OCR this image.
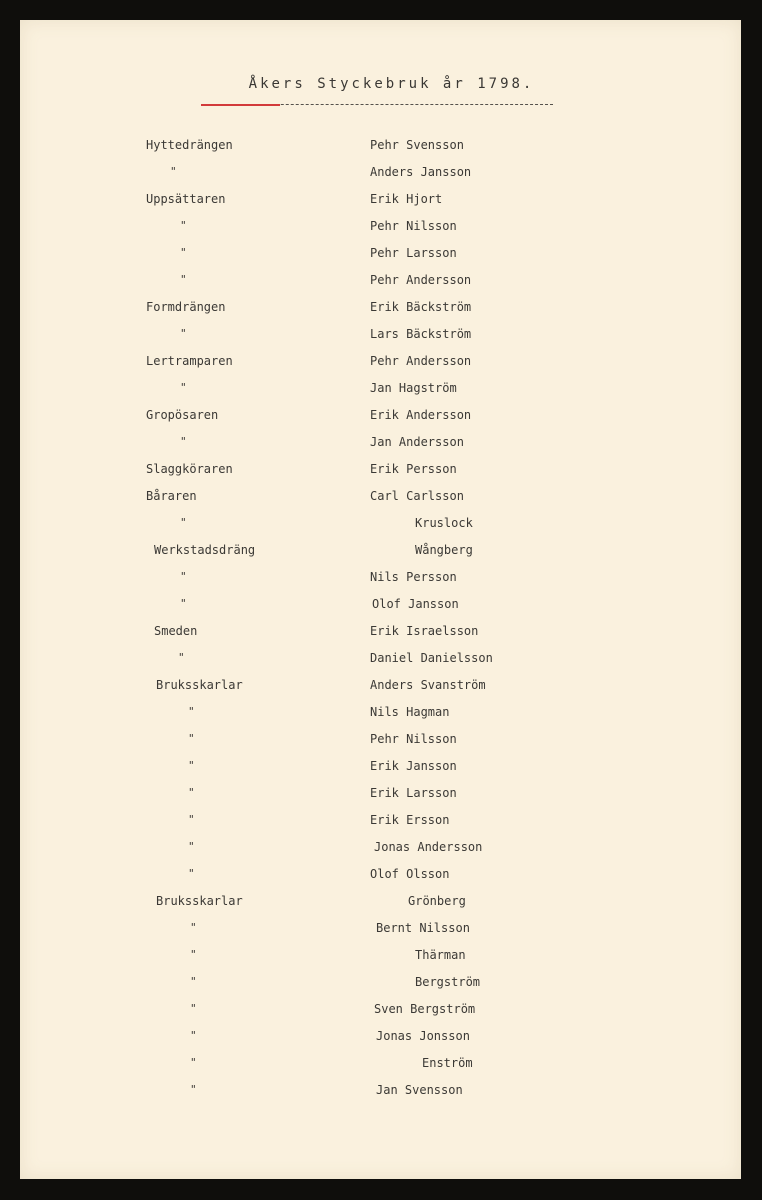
Åkers Styckebruk år 1798.
Hyttedrängen	Pehr Svensson
"	Anders Jansson
Uppsättaren	Erik Hjort
"	Pehr Nilsson
"	Pehr Larsson
"	Pehr Andersson
Formdrängen	Erik Bäckström
"	Lars Bäckström
Lertramparen	Pehr Andersson
"	Jan Hagström
Gropösaren	Erik Andersson
"	Jan Andersson
Slaggköraren	Erik Persson
Båraren	Carl Carlsson
"	Kruslock
Werkstadsdräng	Wångberg
"	Nils Persson
"	Olof Jansson
Smeden	Erik Israelsson
"	Daniel Danielsson
Bruksskarlar	Anders Svanström
"	Nils Hagman
"	Pehr Nilsson
"	Erik Jansson
"	Erik Larsson
"	Erik Ersson
"	Jonas Andersson
"	Olof Olsson
Bruksskarlar	Grönberg
"	Bernt Nilsson
"	Thärman
"	Bergström
"	Sven Bergström
"	Jonas Jonsson
"	Enström
"	Jan Svensson
